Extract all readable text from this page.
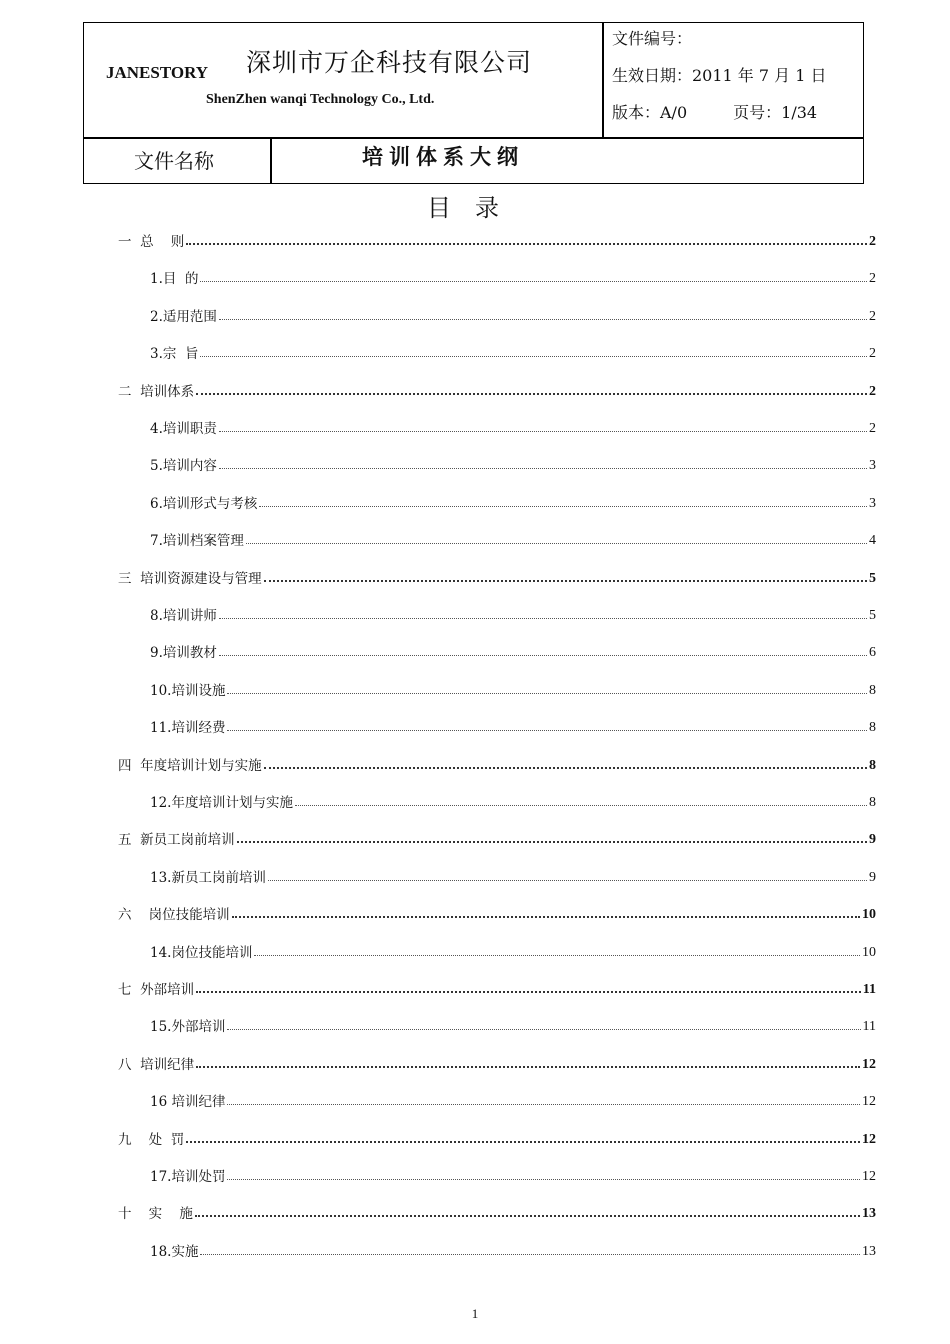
JANESTORY 深圳市万企科技有限公司
ShenZhen wanqi Technology Co., Ltd.
文件编号：
生效日期：2011 年 7 月 1 日
版本：A/0	页号：1/34
文件名称	培训体系大纲
目录
一  总    则	2
1.目  的	2
2.适用范围	2
3.宗  旨	2
二  培训体系	2
4.培训职责	2
5.培训内容	3
6.培训形式与考核	3
7.培训档案管理	4
三  培训资源建设与管理	5
8.培训讲师	5
9.培训教材	6
10.培训设施	8
11.培训经费	8
四  年度培训计划与实施	8
12.年度培训计划与实施	8
五  新员工岗前培训	9
13.新员工岗前培训	9
六    岗位技能培训	10
14.岗位技能培训	10
七  外部培训	11
15.外部培训	11
八  培训纪律	12
16 培训纪律	12
九    处  罚	12
17.培训处罚	12
十    实    施	13
18.实施	13
1
